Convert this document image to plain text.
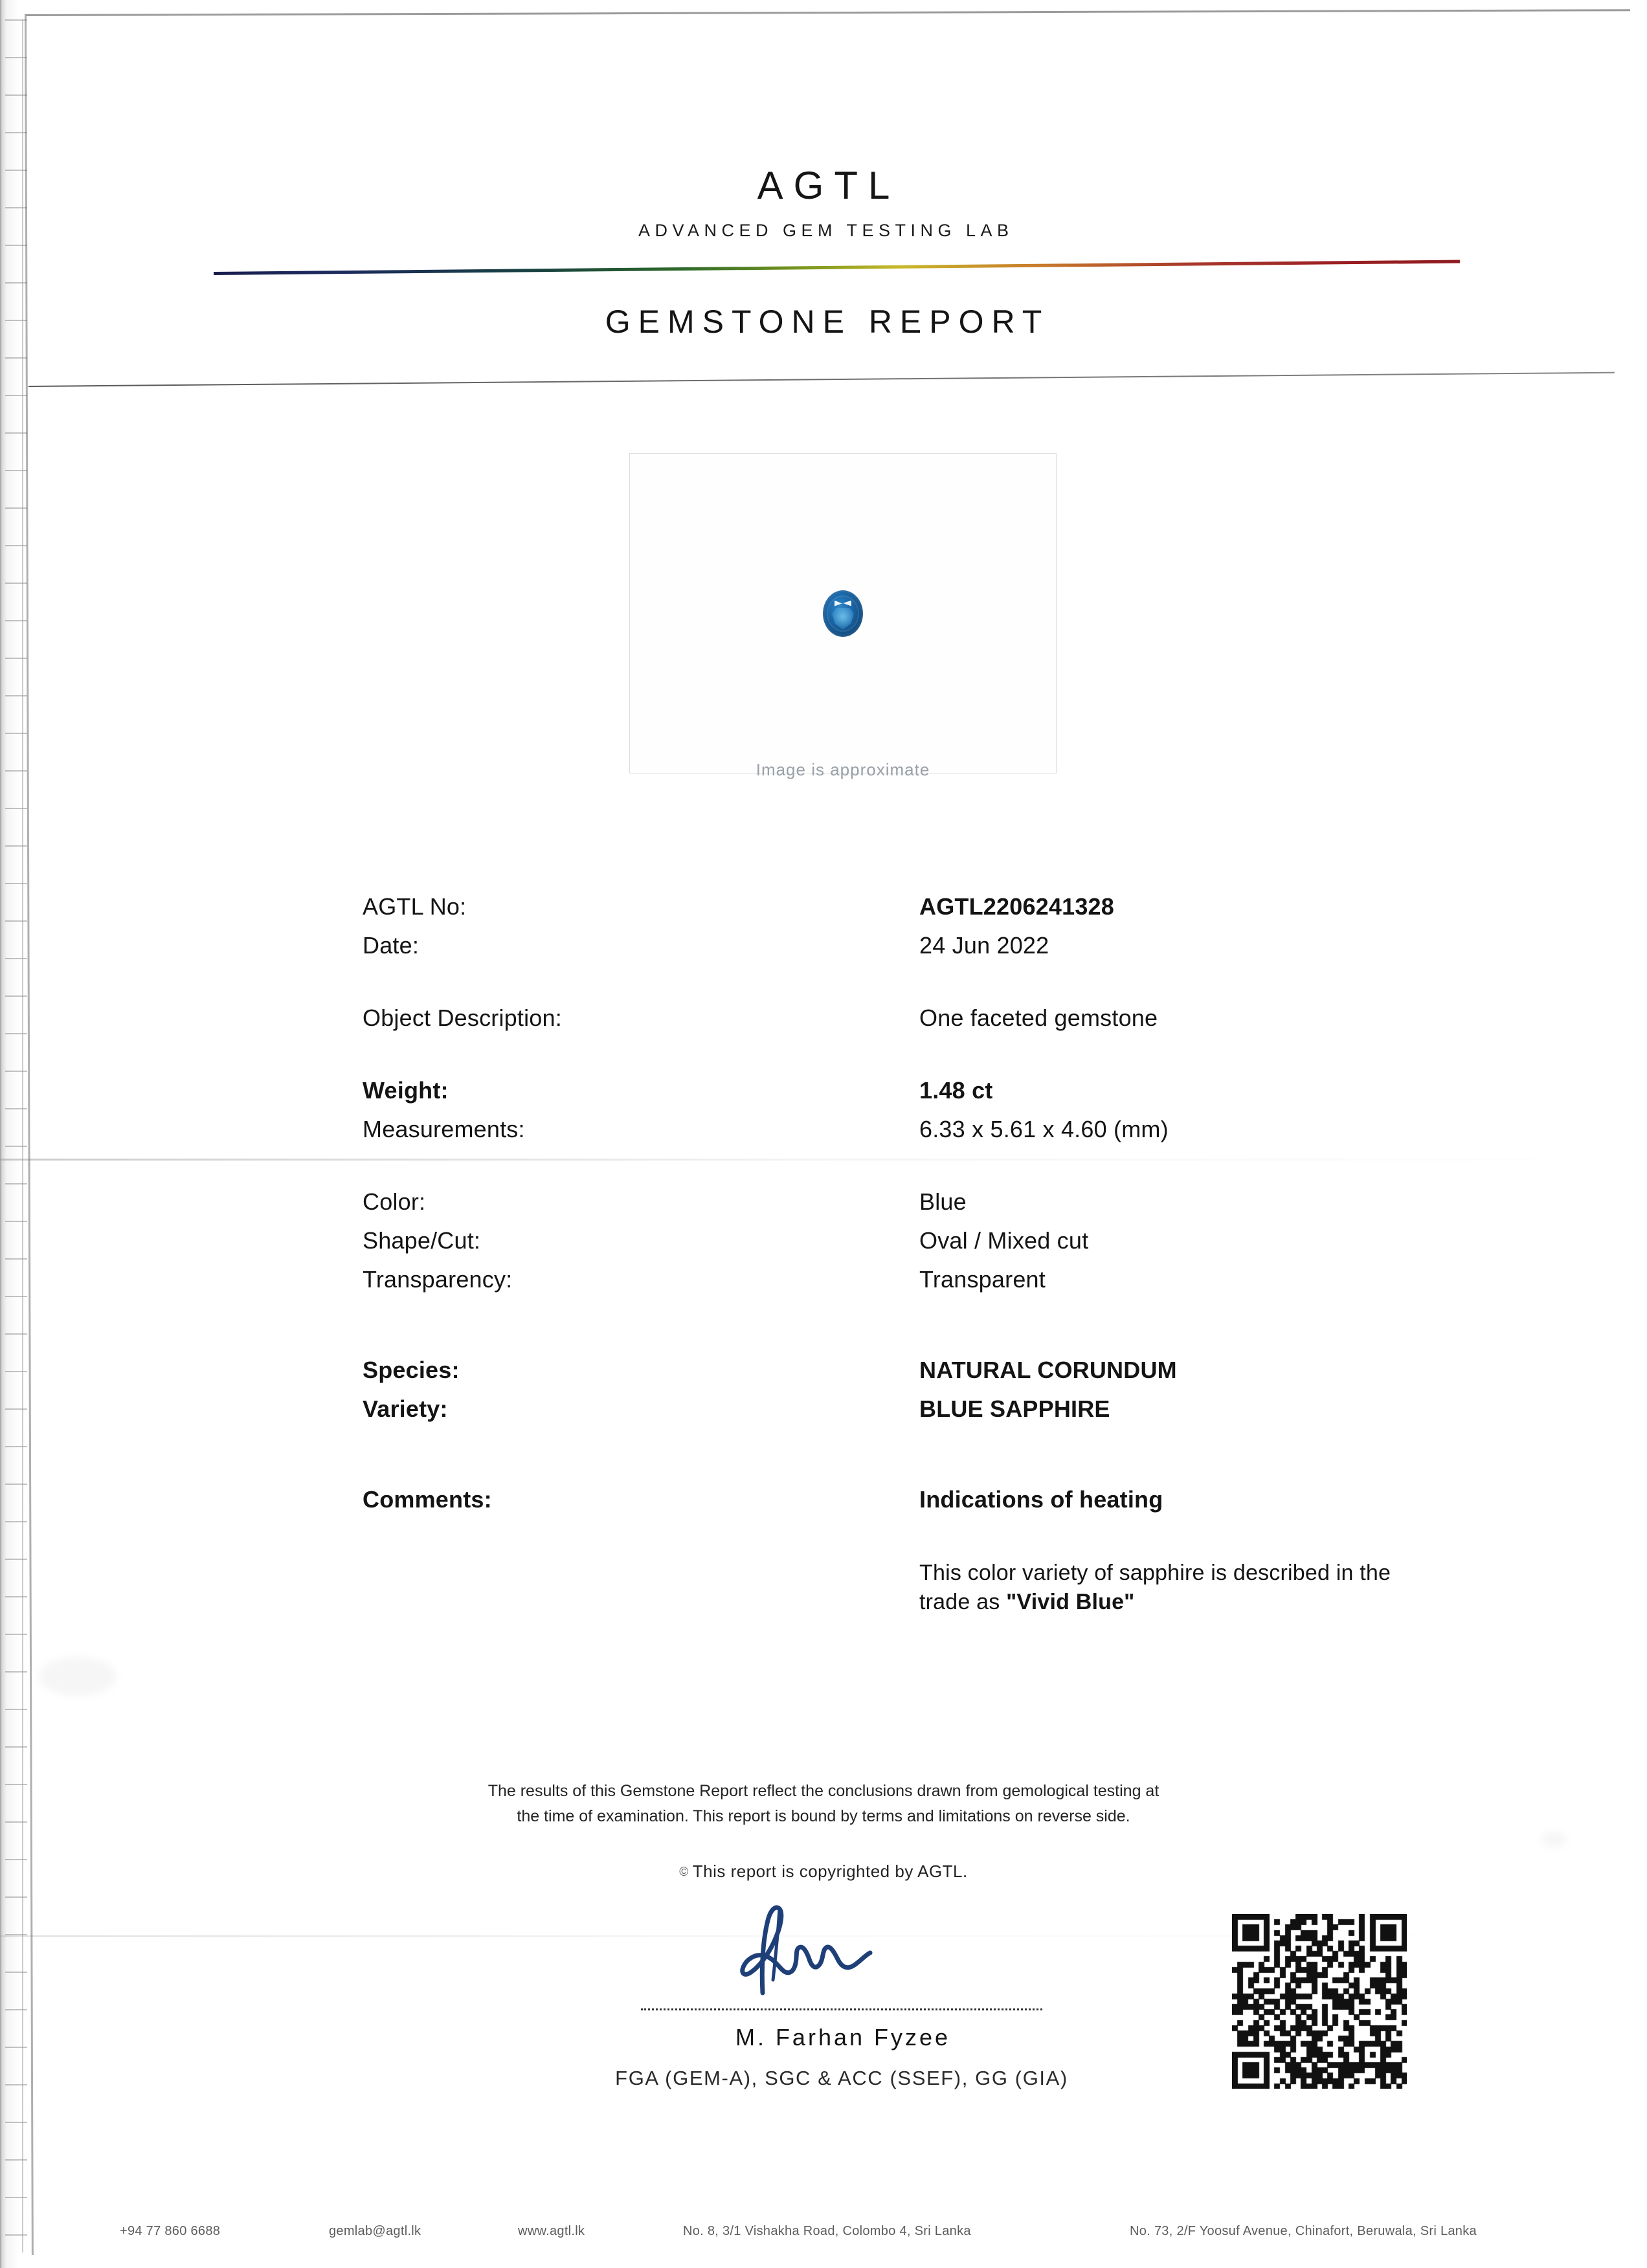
AGTL
ADVANCED GEM TESTING LAB
GEMSTONE REPORT
Image is approximate
AGTL No:	AGTL2206241328
Date:	24 Jun 2022
Object Description:	One faceted gemstone
Weight:	1.48 ct
Measurements:	6.33 x 5.61 x 4.60 (mm)
Color:	Blue
Shape/Cut:	Oval / Mixed cut
Transparency:	Transparent
Species:	NATURAL CORUNDUM
Variety:	BLUE SAPPHIRE
Comments:	Indications of heating
This color variety of sapphire is described in the
trade as "Vivid Blue"
The results of this Gemstone Report reflect the conclusions drawn from gemological testing at
the time of examination. This report is bound by terms and limitations on reverse side.
© This report is copyrighted by AGTL.
M. Farhan Fyzee
FGA (GEM-A), SGC & ACC (SSEF), GG (GIA)
+94 77 860 6688	gemlab@agtl.lk	www.agtl.lk	No. 8, 3/1 Vishakha Road, Colombo 4, Sri Lanka	No. 73, 2/F Yoosuf Avenue, Chinafort, Beruwala, Sri Lanka
